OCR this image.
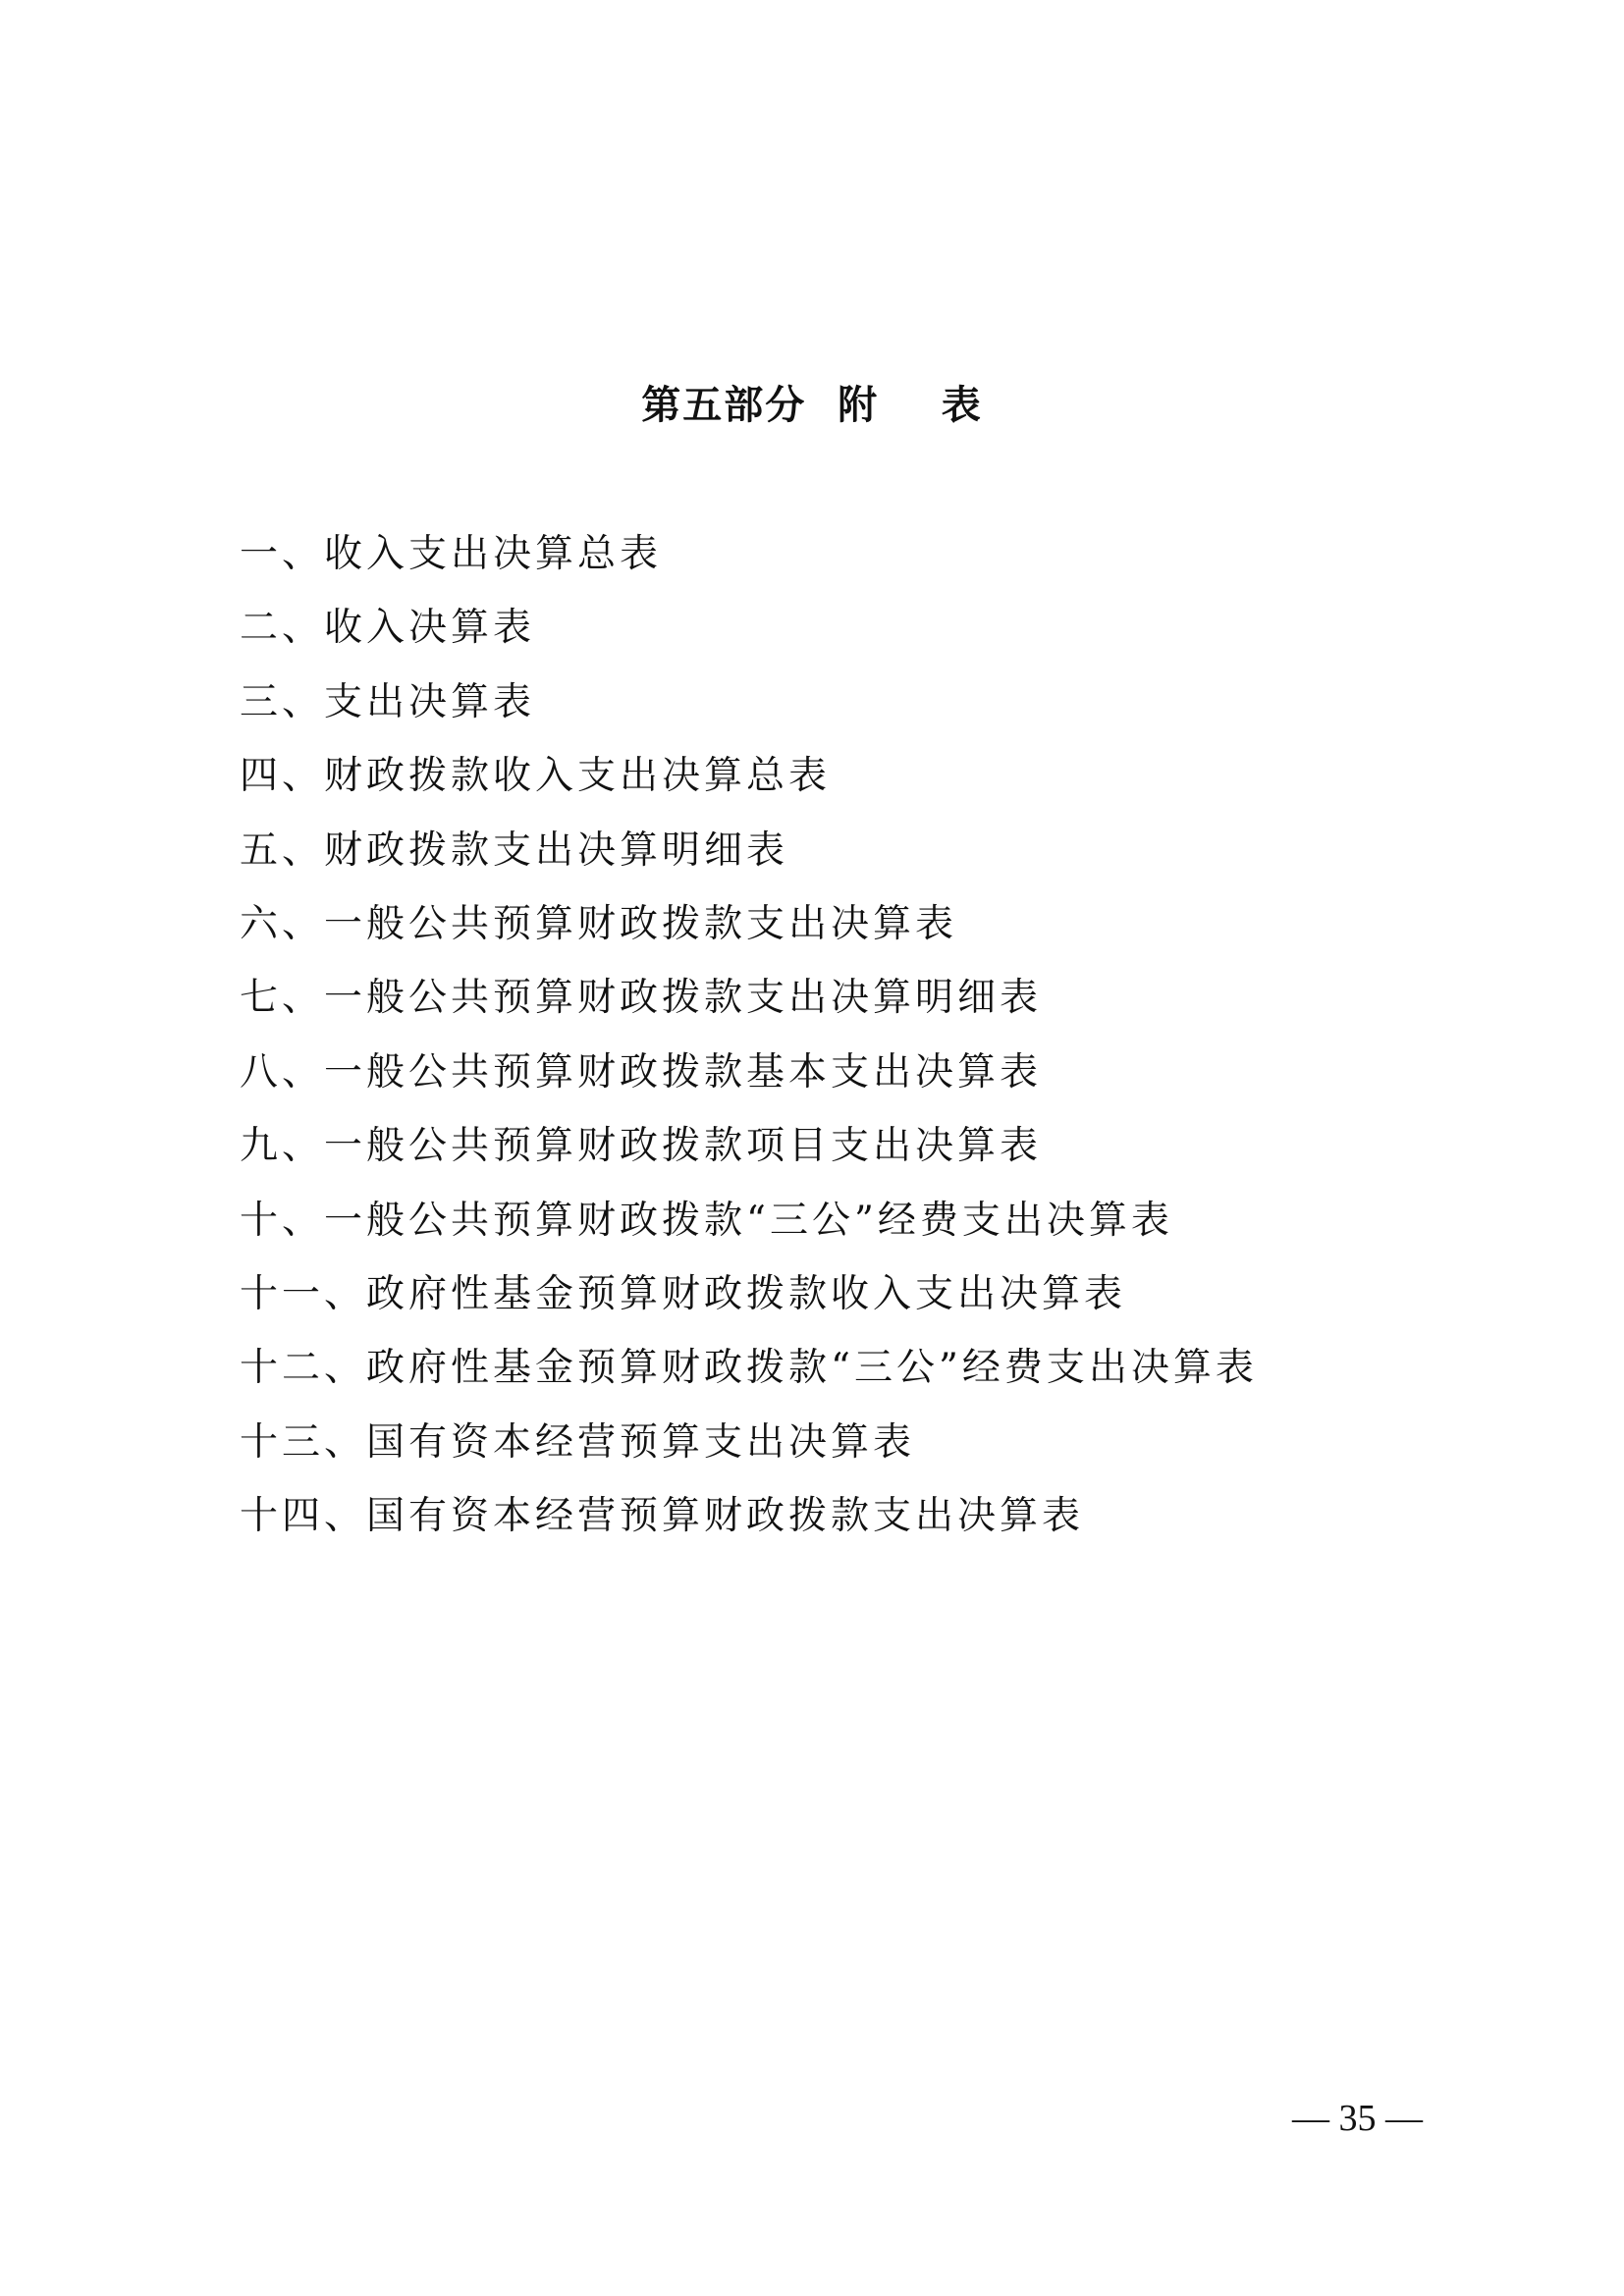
第五部分  附    表
一、收入支出决算总表
二、收入决算表
三、支出决算表
四、财政拨款收入支出决算总表
五、财政拨款支出决算明细表
六、一般公共预算财政拨款支出决算表
七、一般公共预算财政拨款支出决算明细表
八、一般公共预算财政拨款基本支出决算表
九、一般公共预算财政拨款项目支出决算表
十、一般公共预算财政拨款“三公”经费支出决算表
十一、政府性基金预算财政拨款收入支出决算表
十二、政府性基金预算财政拨款“三公”经费支出决算表
十三、国有资本经营预算支出决算表
十四、国有资本经营预算财政拨款支出决算表
— 35 —
